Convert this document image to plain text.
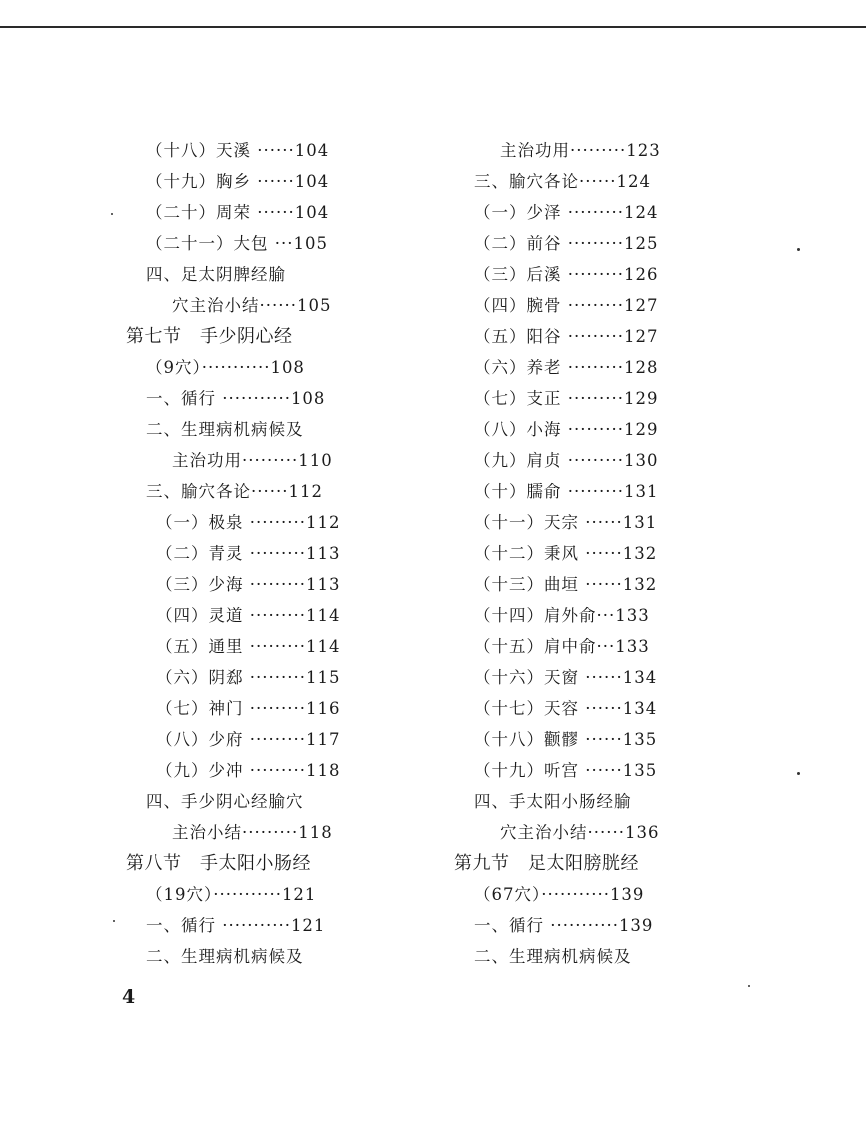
（十八）天溪 ······104
（十九）胸乡 ······104
（二十）周荣 ······104
（二十一）大包 ···105
四、足太阴脾经腧
穴主治小结······105
第七节　手少阴心经
（9穴）···········108
一、循行 ···········108
二、生理病机病候及
主治功用·········110
三、腧穴各论······112
（一）极泉 ·········112
（二）青灵 ·········113
（三）少海 ·········113
（四）灵道 ·········114
（五）通里 ·········114
（六）阴郄 ·········115
（七）神门 ·········116
（八）少府 ·········117
（九）少冲 ·········118
四、手少阴心经腧穴
主治小结·········118
第八节　手太阳小肠经
（19穴）···········121
一、循行 ···········121
二、生理病机病候及
主治功用·········123
三、腧穴各论······124
（一）少泽 ·········124
（二）前谷 ·········125
（三）后溪 ·········126
（四）腕骨 ·········127
（五）阳谷 ·········127
（六）养老 ·········128
（七）支正 ·········129
（八）小海 ·········129
（九）肩贞 ·········130
（十）臑俞 ·········131
（十一）天宗 ······131
（十二）秉风 ······132
（十三）曲垣 ······132
（十四）肩外俞···133
（十五）肩中俞···133
（十六）天窗 ······134
（十七）天容 ······134
（十八）颧髎 ······135
（十九）听宫 ······135
四、手太阳小肠经腧
穴主治小结······136
第九节　足太阳膀胱经
（67穴）···········139
一、循行 ···········139
二、生理病机病候及
4
